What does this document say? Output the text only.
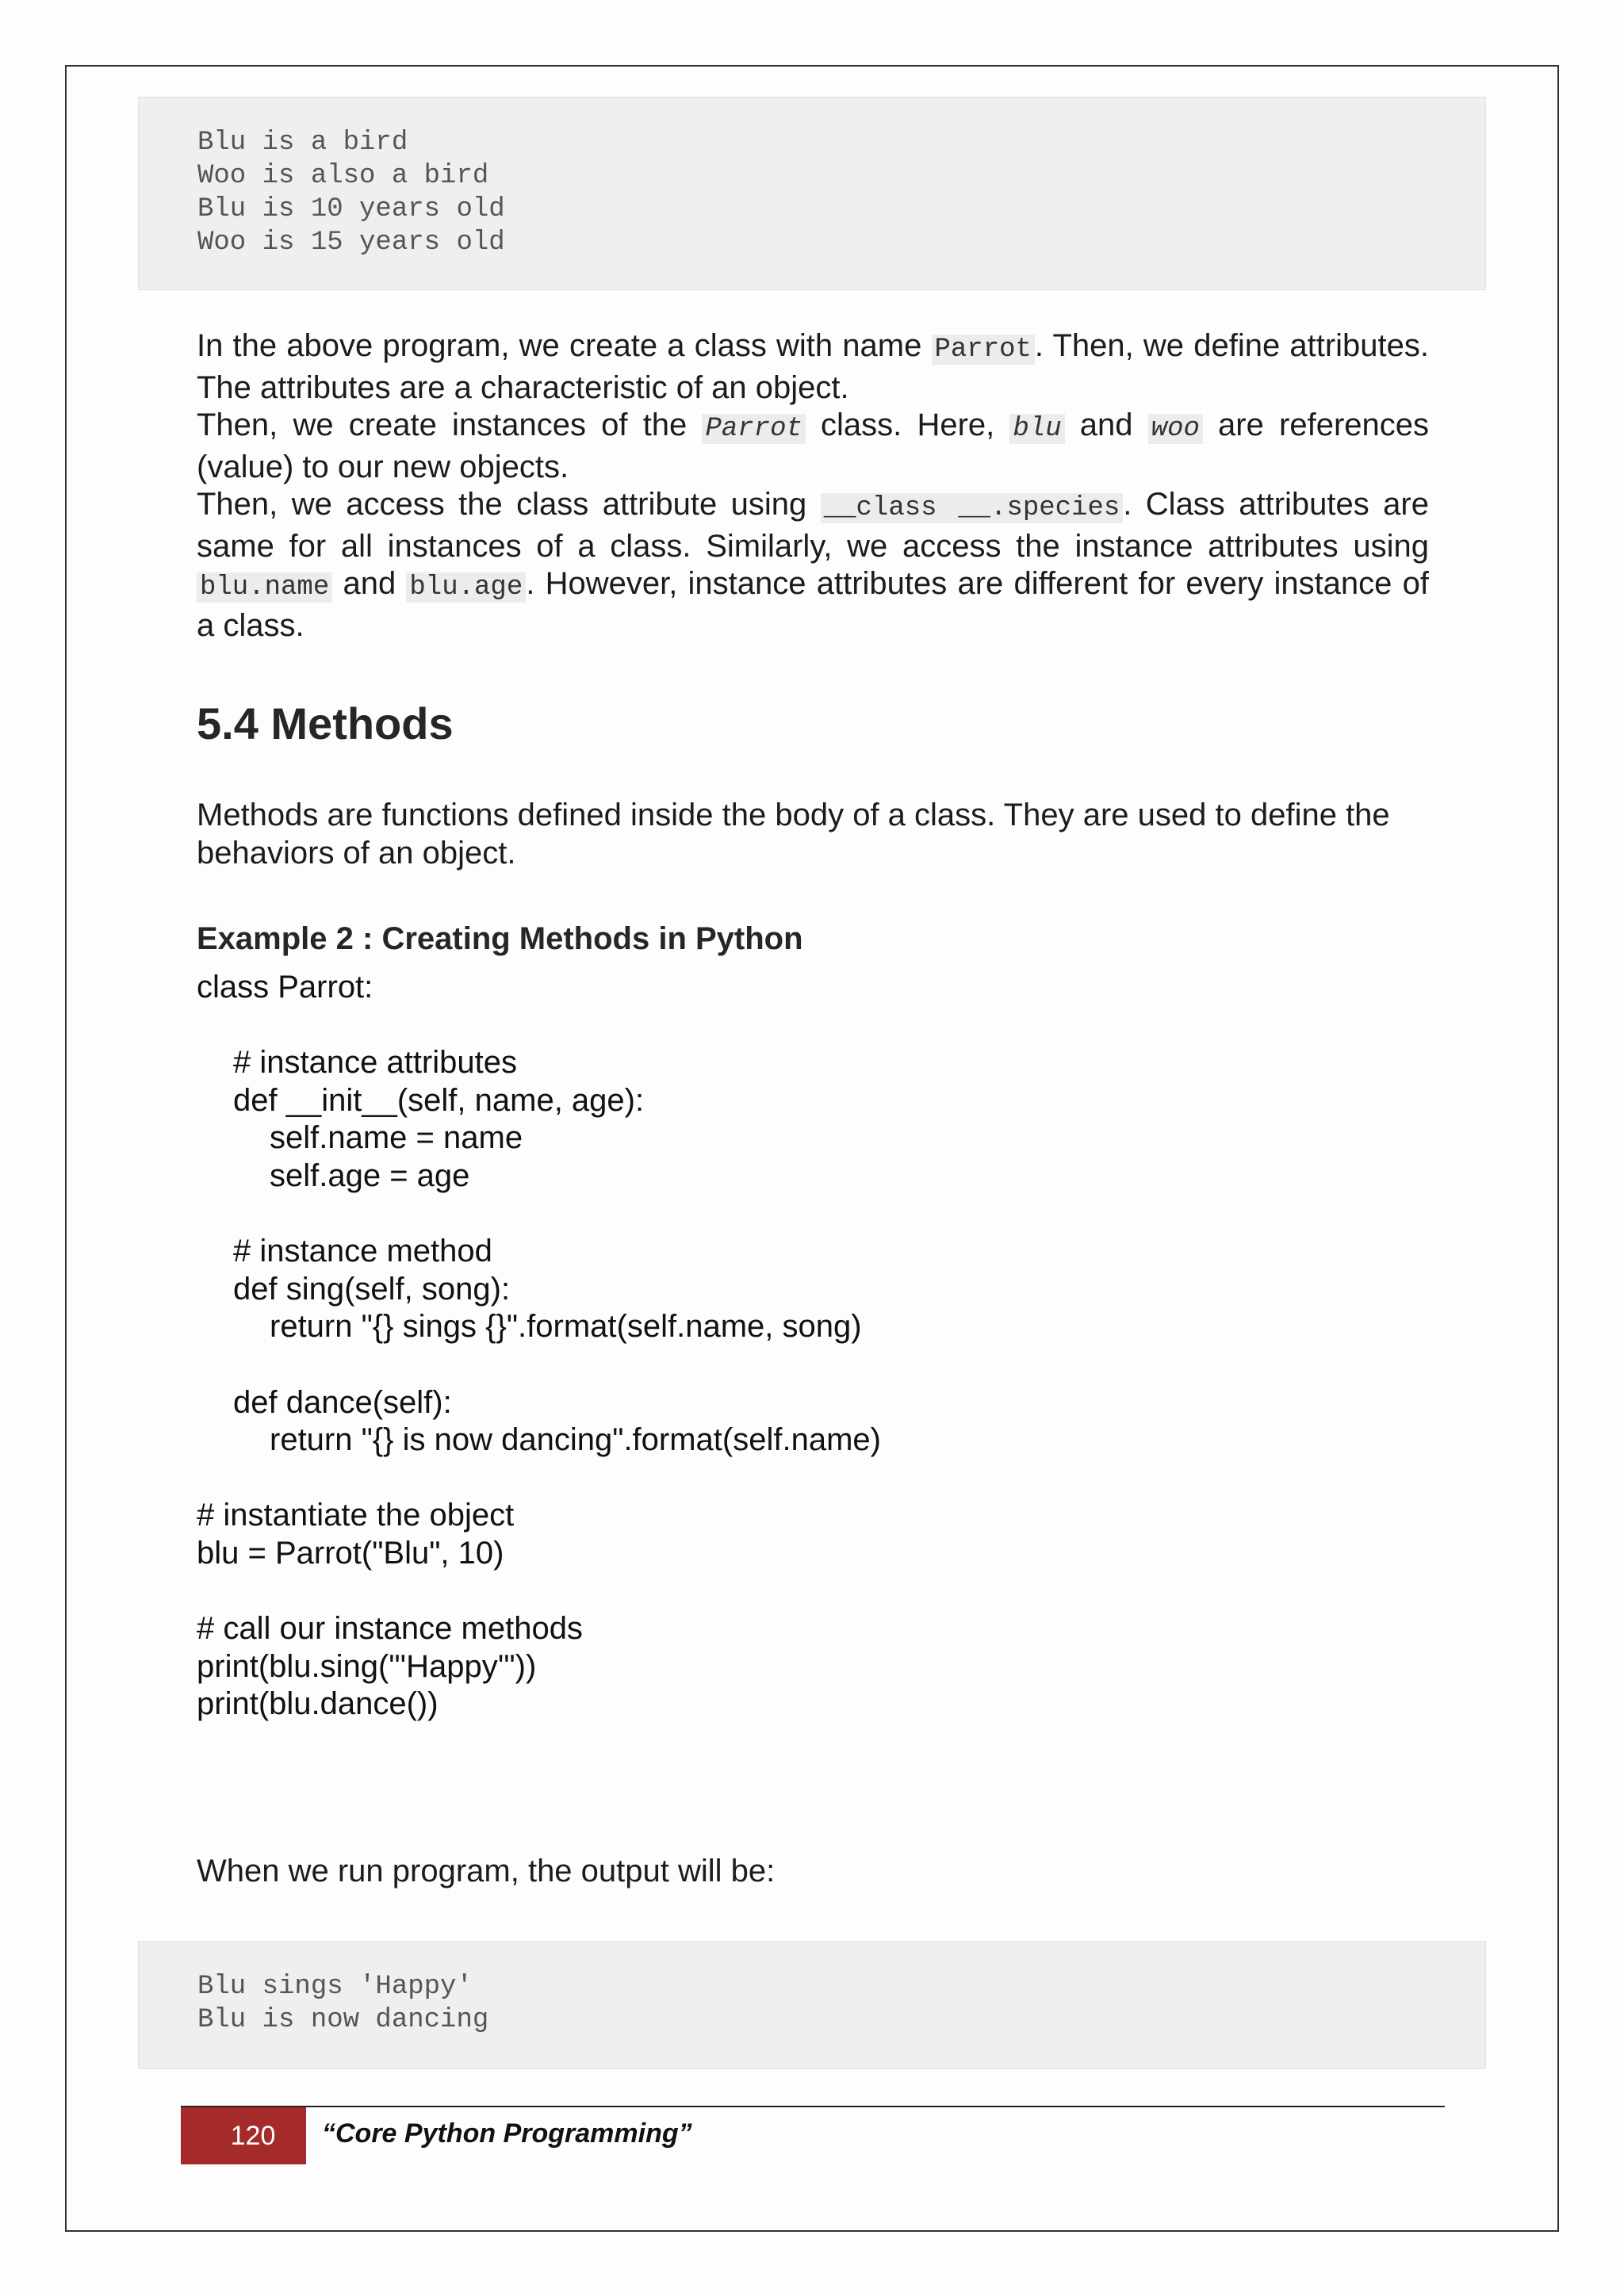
Blu is a bird
Woo is also a bird
Blu is 10 years old
Woo is 15 years old

In the above program, we create a class with name Parrot . Then, we define attributes. The attributes are a characteristic of an object.

Then, we create instances of the Parrot class. Here, blu and woo are references (value) to our new objects.

Then, we access the class attribute using __class __.species . Class attributes are same for all instances of a class. Similarly, we access the instance attributes using blu.name and blu.age . However, instance attributes are different for every instance of a class.

5.4 Methods

Methods are functions defined inside the body of a class. They are used to define the behaviors of an object.

Example 2 : Creating Methods in Python
class Parrot:
# instance attributes
def __init__(self, name, age):
self.name = name
self.age = age
# instance method
def sing(self, song):
return "{} sings {}".format(self.name, song)
def dance(self):
return "{} is now dancing".format(self.name)
# instantiate the object
blu = Parrot("Blu", 10)
# call our instance methods
print(blu.sing("'Happy'"))
print(blu.dance())

When we run program, the output will be:

Blu sings 'Happy'
Blu is now dancing
120	“Core Python Programming”
